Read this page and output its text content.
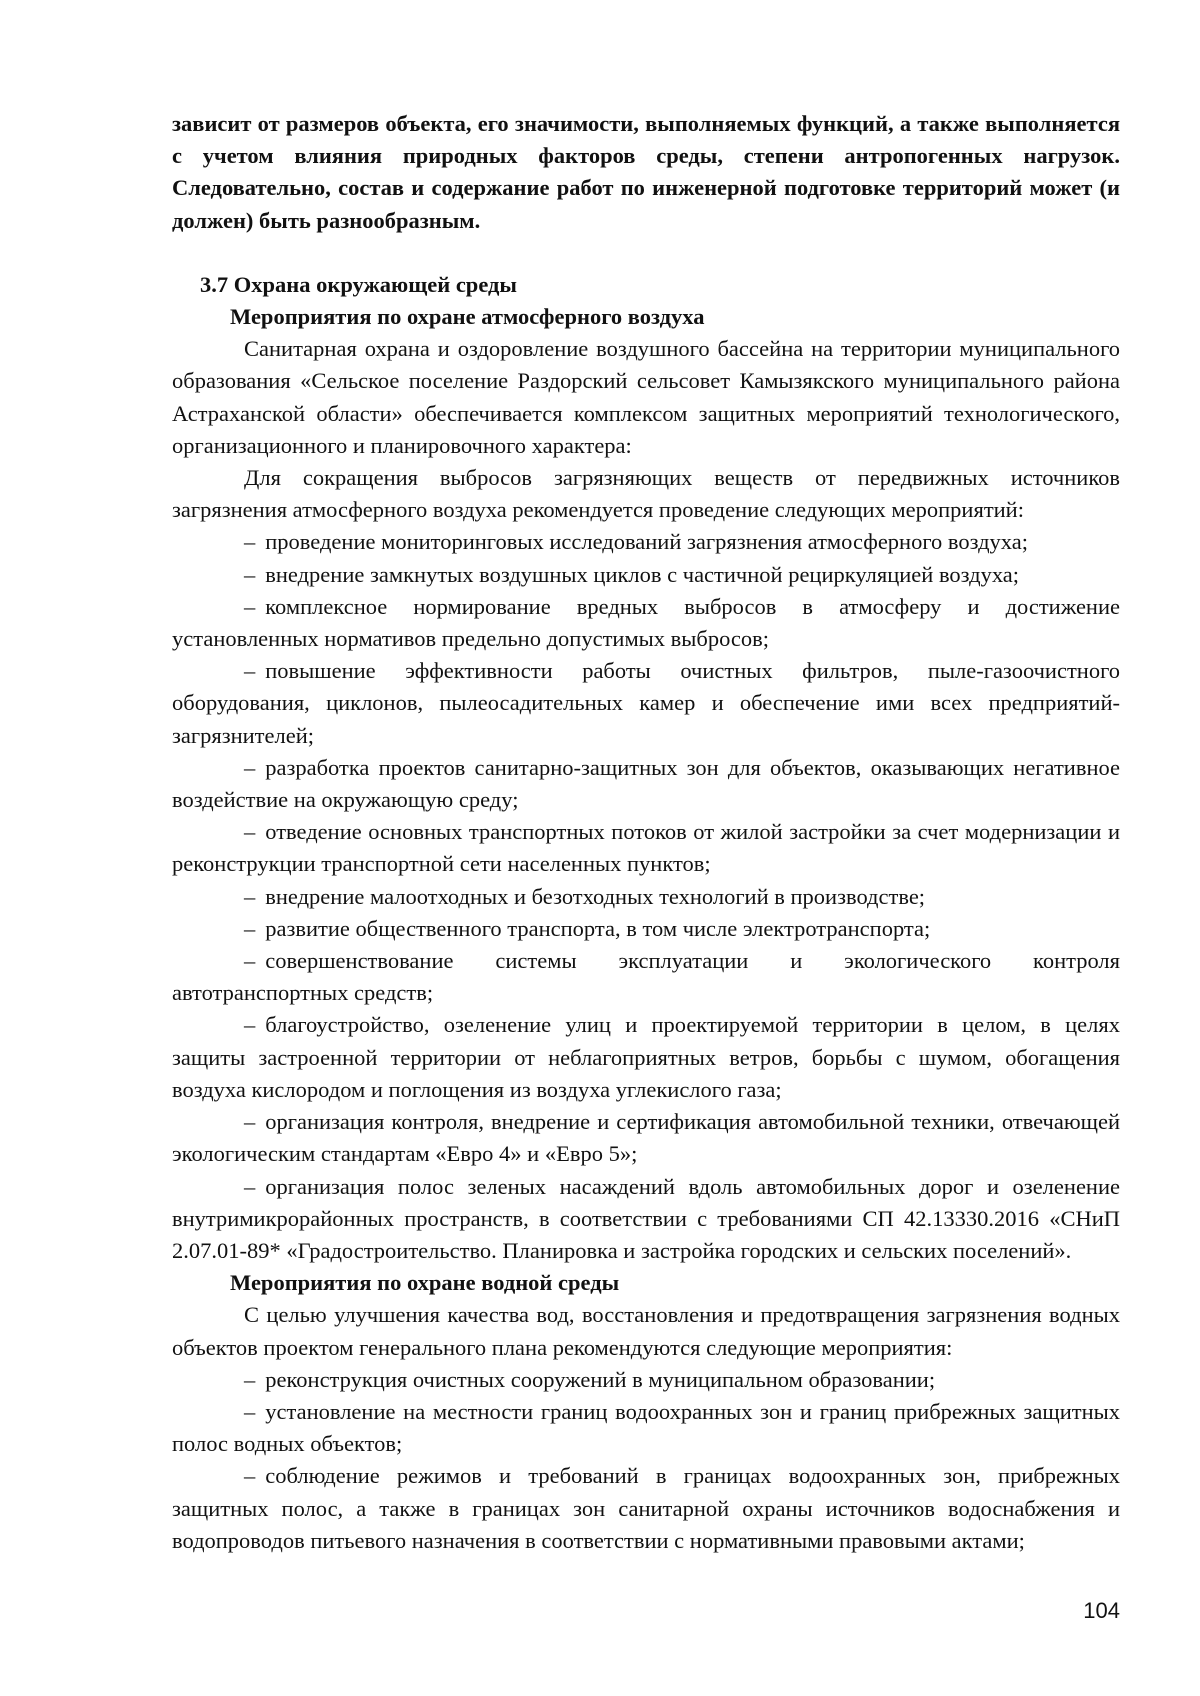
зависит от размеров объекта, его значимости, выполняемых функций, а также выполняется с учетом влияния природных факторов среды, степени антропогенных нагрузок. Следовательно, состав и содержание работ по инженерной подготовке территорий может (и должен) быть разнообразным.

3.7 Охрана окружающей среды

Мероприятия по охране атмосферного воздуха

Санитарная охрана и оздоровление воздушного бассейна на территории муниципального образования «Сельское поселение Раздорский сельсовет Камызякского муниципального района Астраханской области» обеспечивается комплексом защитных мероприятий технологического, организационного и планировочного характера:

Для сокращения выбросов загрязняющих веществ от передвижных источников загрязнения атмосферного воздуха рекомендуется проведение следующих мероприятий:

– проведение мониторинговых исследований загрязнения атмосферного воздуха;

– внедрение замкнутых воздушных циклов с частичной рециркуляцией воздуха;

– комплексное нормирование вредных выбросов в атмосферу и достижение установленных нормативов предельно допустимых выбросов;

– повышение эффективности работы очистных фильтров, пыле-газоочистного оборудования, циклонов, пылеосадительных камер и обеспечение ими всех предприятий-загрязнителей;

– разработка проектов санитарно-защитных зон для объектов, оказывающих негативное воздействие на окружающую среду;

– отведение основных транспортных потоков от жилой застройки за счет модернизации и реконструкции транспортной сети населенных пунктов;

– внедрение малоотходных и безотходных технологий в производстве;

– развитие общественного транспорта, в том числе электротранспорта;

– совершенствование системы эксплуатации и экологического контроля автотранспортных средств;

– благоустройство, озеленение улиц и проектируемой территории в целом, в целях защиты застроенной территории от неблагоприятных ветров, борьбы с шумом, обогащения воздуха кислородом и поглощения из воздуха углекислого газа;

– организация контроля, внедрение и сертификация автомобильной техники, отвечающей экологическим стандартам «Евро 4» и «Евро 5»;

– организация полос зеленых насаждений вдоль автомобильных дорог и озеленение внутримикрорайонных пространств, в соответствии с требованиями СП 42.13330.2016 «СНиП 2.07.01-89* «Градостроительство. Планировка и застройка городских и сельских поселений».

Мероприятия по охране водной среды

С целью улучшения качества вод, восстановления и предотвращения загрязнения водных объектов проектом генерального плана рекомендуются следующие мероприятия:

– реконструкция очистных сооружений в муниципальном образовании;

– установление на местности границ водоохранных зон и границ прибрежных защитных полос водных объектов;

– соблюдение режимов и требований в границах водоохранных зон, прибрежных защитных полос, а также в границах зон санитарной охраны источников водоснабжения и водопроводов питьевого назначения в соответствии с нормативными правовыми актами;

104
